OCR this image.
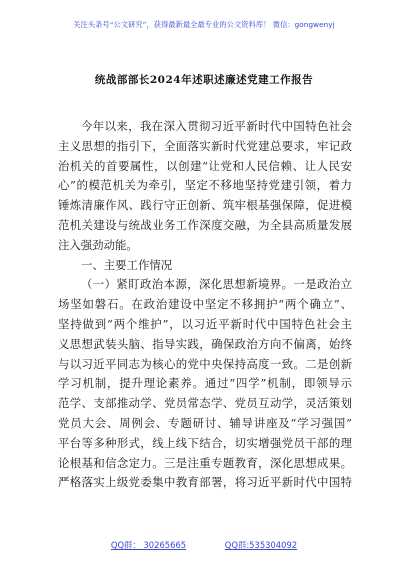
关注头条号“公文研究”，获得最新最全最专业的公文资料库！ 微信：gongwenyj
统战部部长2024年述职述廉述党建工作报告
今年以来，我在深入贯彻习近平新时代中国特色社会
主义思想的指引下，全面落实新时代党建总要求，牢记政
治机关的首要属性，以创建“让党和人民信赖、让人民安
心”的模范机关为牵引，坚定不移地坚持党建引领，着力
锤炼清廉作风、践行守正创新、筑牢根基强保障，促进模
范机关建设与统战业务工作深度交融，为全县高质量发展
注入强劲动能。
一、主要工作情况
（一）紧盯政治本源，深化思想新境界。一是政治立
场坚如磐石。在政治建设中坚定不移拥护“两个确立”、
坚持做到“两个维护”，以习近平新时代中国特色社会主
义思想武装头脑、指导实践，确保政治方向不偏离，始终
与以习近平同志为核心的党中央保持高度一致。二是创新
学习机制，提升理论素养。通过“四学”机制，即领导示
范学、支部推动学、党员常态学、党员互动学，灵活策划
党员大会、周例会、专题研讨、辅导讲座及“学习强国”
平台等多种形式，线上线下结合，切实增强党员干部的理
论根基和信念定力。三是注重专题教育，深化思想成果。
严格落实上级党委集中教育部署，将习近平新时代中国特
QQ群： 30265665	QQ群:535304092
